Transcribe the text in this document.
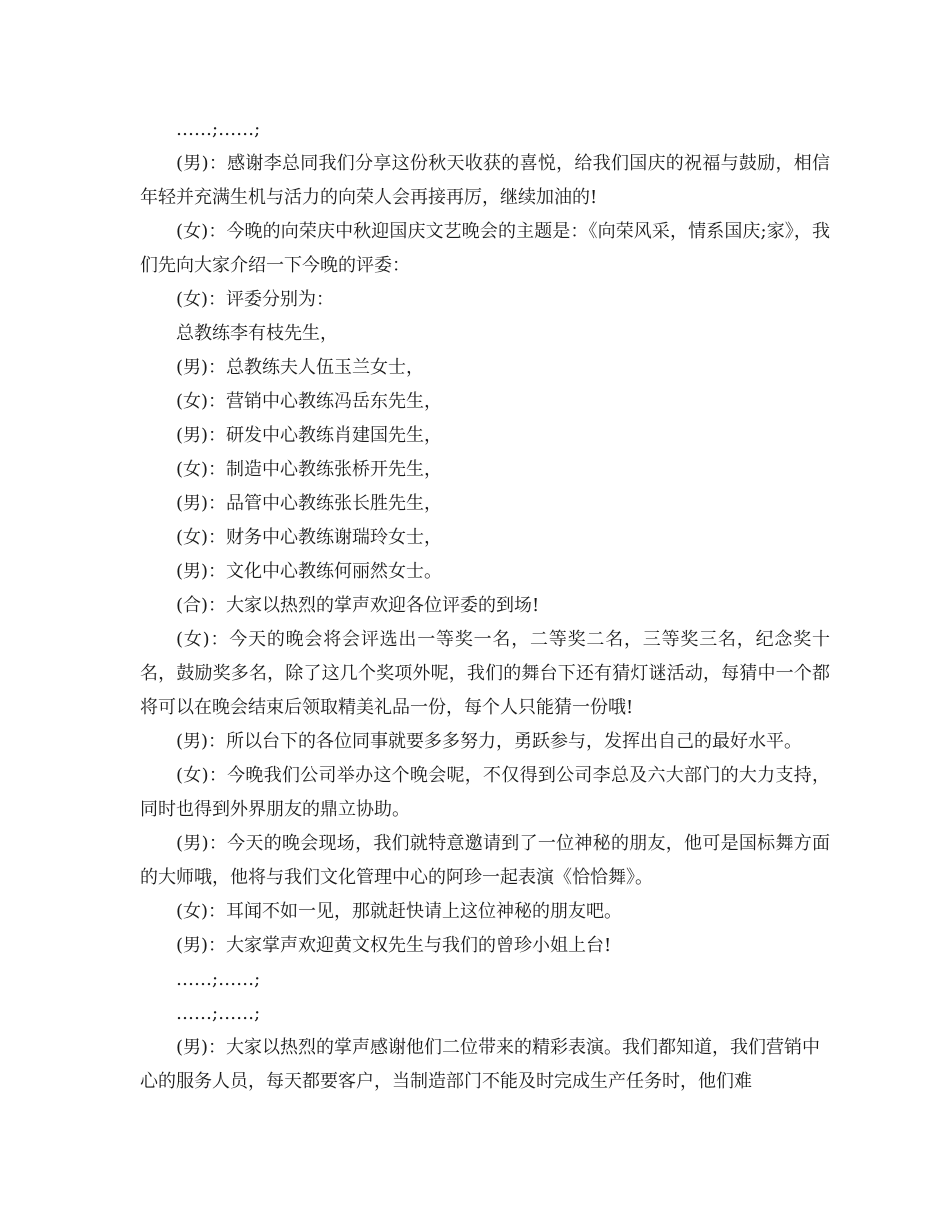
……;……;

(男)：感谢李总同我们分享这份秋天收获的喜悦，给我们国庆的祝福与鼓励，相信年轻并充满生机与活力的向荣人会再接再厉，继续加油的!

(女)：今晚的向荣庆中秋迎国庆文艺晚会的主题是：《向荣风采，情系国庆;家》，我们先向大家介绍一下今晚的评委：

(女)：评委分别为：

总教练李有枝先生，

(男)：总教练夫人伍玉兰女士，

(女)：营销中心教练冯岳东先生，

(男)：研发中心教练肖建国先生，

(女)：制造中心教练张桥开先生，

(男)：品管中心教练张长胜先生，

(女)：财务中心教练谢瑞玲女士，

(男)：文化中心教练何丽然女士。

(合)：大家以热烈的掌声欢迎各位评委的到场!

(女)：今天的晚会将会评选出一等奖一名，二等奖二名，三等奖三名，纪念奖十名，鼓励奖多名，除了这几个奖项外呢，我们的舞台下还有猜灯谜活动，每猜中一个都将可以在晚会结束后领取精美礼品一份，每个人只能猜一份哦!

(男)：所以台下的各位同事就要多多努力，勇跃参与，发挥出自己的最好水平。

(女)：今晚我们公司举办这个晚会呢，不仅得到公司李总及六大部门的大力支持，同时也得到外界朋友的鼎立协助。

(男)：今天的晚会现场，我们就特意邀请到了一位神秘的朋友，他可是国标舞方面的大师哦，他将与我们文化管理中心的阿珍一起表演《恰恰舞》。

(女)：耳闻不如一见，那就赶快请上这位神秘的朋友吧。

(男)：大家掌声欢迎黄文权先生与我们的曾珍小姐上台!

……;……;

……;……;

(男)：大家以热烈的掌声感谢他们二位带来的精彩表演。我们都知道，我们营销中心的服务人员，每天都要客户，当制造部门不能及时完成生产任务时，他们难
